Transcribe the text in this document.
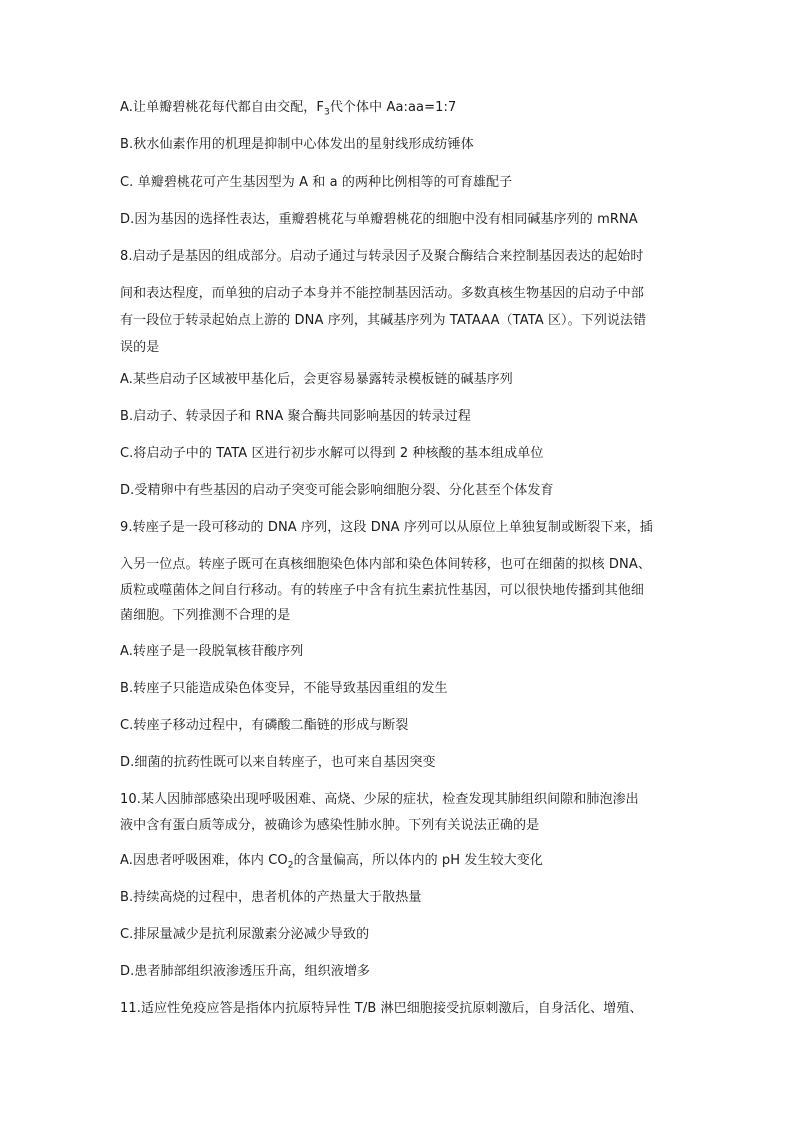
A.让单瓣碧桃花每代都自由交配，$F_3$代个体中 Aa:aa=1:7
B.秋水仙素作用的机理是抑制中心体发出的星射线形成纺锤体
C. 单瓣碧桃花可产生基因型为 A 和 a 的两种比例相等的可育雄配子
D.因为基因的选择性表达，重瓣碧桃花与单瓣碧桃花的细胞中没有相同碱基序列的 mRNA
8.启动子是基因的组成部分。启动子通过与转录因子及聚合酶结合来控制基因表达的起始时
间和表达程度，而单独的启动子本身并不能控制基因活动。多数真核生物基因的启动子中部
有一段位于转录起始点上游的 DNA 序列，其碱基序列为 TATAAA（TATA 区）。下列说法错
误的是
A.某些启动子区域被甲基化后，会更容易暴露转录模板链的碱基序列
B.启动子、转录因子和 RNA 聚合酶共同影响基因的转录过程
C.将启动子中的 TATA 区进行初步水解可以得到 2 种核酸的基本组成单位
D.受精卵中有些基因的启动子突变可能会影响细胞分裂、分化甚至个体发育
9.转座子是一段可移动的 DNA 序列，这段 DNA 序列可以从原位上单独复制或断裂下来，插
入另一位点。转座子既可在真核细胞染色体内部和染色体间转移，也可在细菌的拟核 DNA、
质粒或噬菌体之间自行移动。有的转座子中含有抗生素抗性基因，可以很快地传播到其他细
菌细胞。下列推测不合理的是
A.转座子是一段脱氧核苷酸序列
B.转座子只能造成染色体变异，不能导致基因重组的发生
C.转座子移动过程中，有磷酸二酯链的形成与断裂
D.细菌的抗药性既可以来自转座子，也可来自基因突变
10.某人因肺部感染出现呼吸困难、高烧、少尿的症状，检查发现其肺组织间隙和肺泡渗出
液中含有蛋白质等成分，被确诊为感染性肺水肿。下列有关说法正确的是
A.因患者呼吸困难，体内 $CO_2$的含量偏高，所以体内的 pH 发生较大变化
B.持续高烧的过程中，患者机体的产热量大于散热量
C.排尿量减少是抗利尿激素分泌减少导致的
D.患者肺部组织液渗透压升高，组织液增多
11.适应性免疫应答是指体内抗原特异性 T/B 淋巴细胞接受抗原刺激后，自身活化、增殖、
